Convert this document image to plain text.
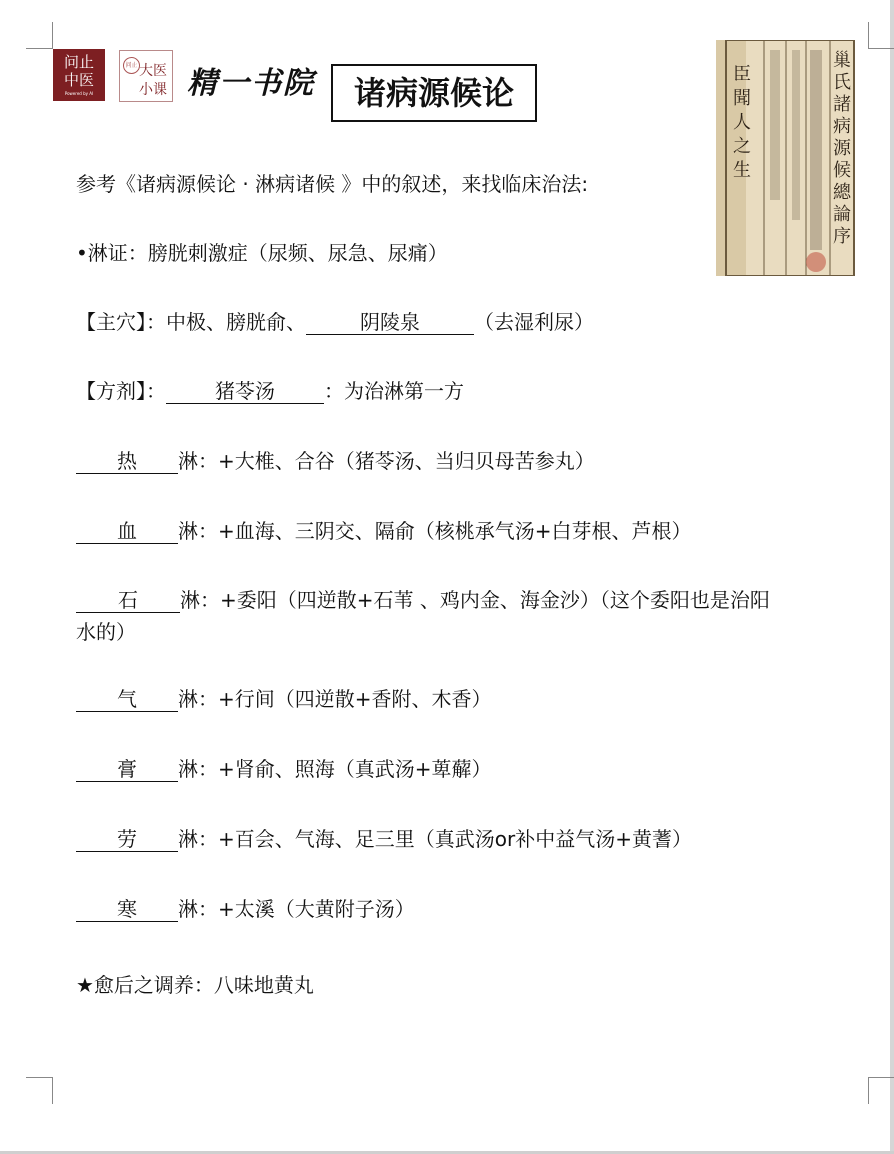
问止
中医
Powered by AI
问止 大医
小课 精一书院	诸病源候论
巢氏諸病源候總論序
臣聞人之生
参考《诸病源候论 · 淋病诸候 》中的叙述，来找临床治法:
•淋证：膀胱刺激症（尿频、尿急、尿痛）
【主穴】：中极、膀胱俞、	阴陵泉	（去湿利尿）
【方剂】： 猪苓汤 ：为治淋第一方
热 淋：+大椎、合谷（猪苓汤、当归贝母苦参丸）
血 淋：+血海、三阴交、隔俞（核桃承气汤+白芽根、芦根）
石 淋：+委阳（四逆散+石苇 、鸡内金、海金沙）（这个委阳也是治阳
水的）
气 淋：+行间（四逆散+香附、木香）
膏 淋：+肾俞、照海（真武汤+萆薢）
劳 淋：+百会、气海、足三里（真武汤or补中益气汤+黄蓍）
寒 淋：+太溪（大黄附子汤）
★愈后之调养：八味地黄丸
